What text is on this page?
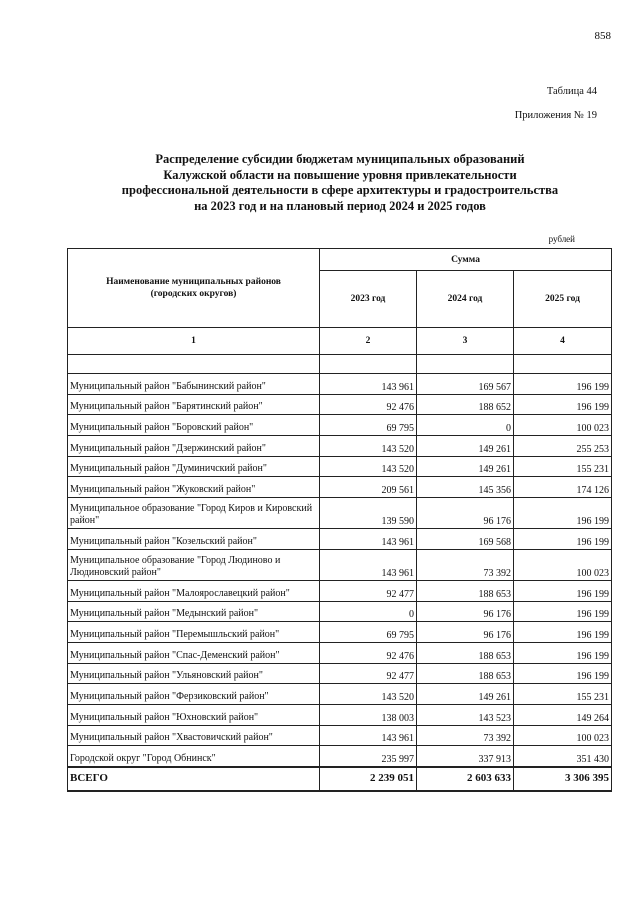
858
Таблица 44
Приложения № 19
Распределение субсидии бюджетам муниципальных образований
Калужской области на повышение уровня привлекательности
профессиональной деятельности в сфере архитектуры и градостроительства
на 2023 год и на плановый период 2024 и 2025 годов
рублей
Наименование муниципальных районов (городских округов)	Сумма		
	2023 год	2024 год	2025 год
1	2	3	4

Муниципальный район "Бабынинский район"	143 961	169 567	196 199
Муниципальный район "Барятинский район"	92 476	188 652	196 199
Муниципальный район "Боровский район"	69 795	0	100 023
Муниципальный район "Дзержинский район"	143 520	149 261	255 253
Муниципальный район "Думиничский район"	143 520	149 261	155 231
Муниципальный район "Жуковский район"	209 561	145 356	174 126
Муниципальное образование "Город Киров и Кировский район"	139 590	96 176	196 199
Муниципальный район "Козельский район"	143 961	169 568	196 199
Муниципальное образование "Город Людиново и Людиновский район"	143 961	73 392	100 023
Муниципальный район "Малоярославецкий район"	92 477	188 653	196 199
Муниципальный район "Медынский район"	0	96 176	196 199
Муниципальный район "Перемышльский район"	69 795	96 176	196 199
Муниципальный район "Спас-Деменский район"	92 476	188 653	196 199
Муниципальный район "Ульяновский район"	92 477	188 653	196 199
Муниципальный район "Ферзиковский район"	143 520	149 261	155 231
Муниципальный район "Юхновский район"	138 003	143 523	149 264
Муниципальный район "Хвастовичский район"	143 961	73 392	100 023
Городской округ "Город Обнинск"	235 997	337 913	351 430
ВСЕГО	2 239 051	2 603 633	3 306 395
